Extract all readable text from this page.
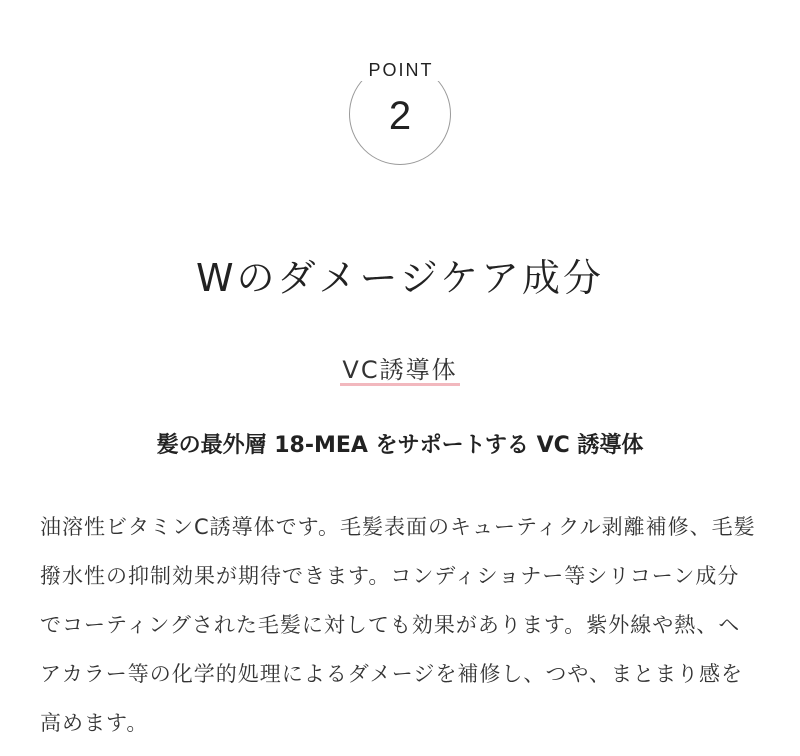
POINT
2
Wのダメージケア成分
VC誘導体
髪の最外層 18-MEA をサポートする VC 誘導体

油溶性ビタミンC誘導体です。毛髪表面のキューティクル剥離補修、毛髪撥水性の抑制効果が期待できます。コンディショナー等シリコーン成分でコーティングされた毛髪に対しても効果があります。紫外線や熱、ヘアカラー等の化学的処理によるダメージを補修し、つや、まとまり感を高めます。
